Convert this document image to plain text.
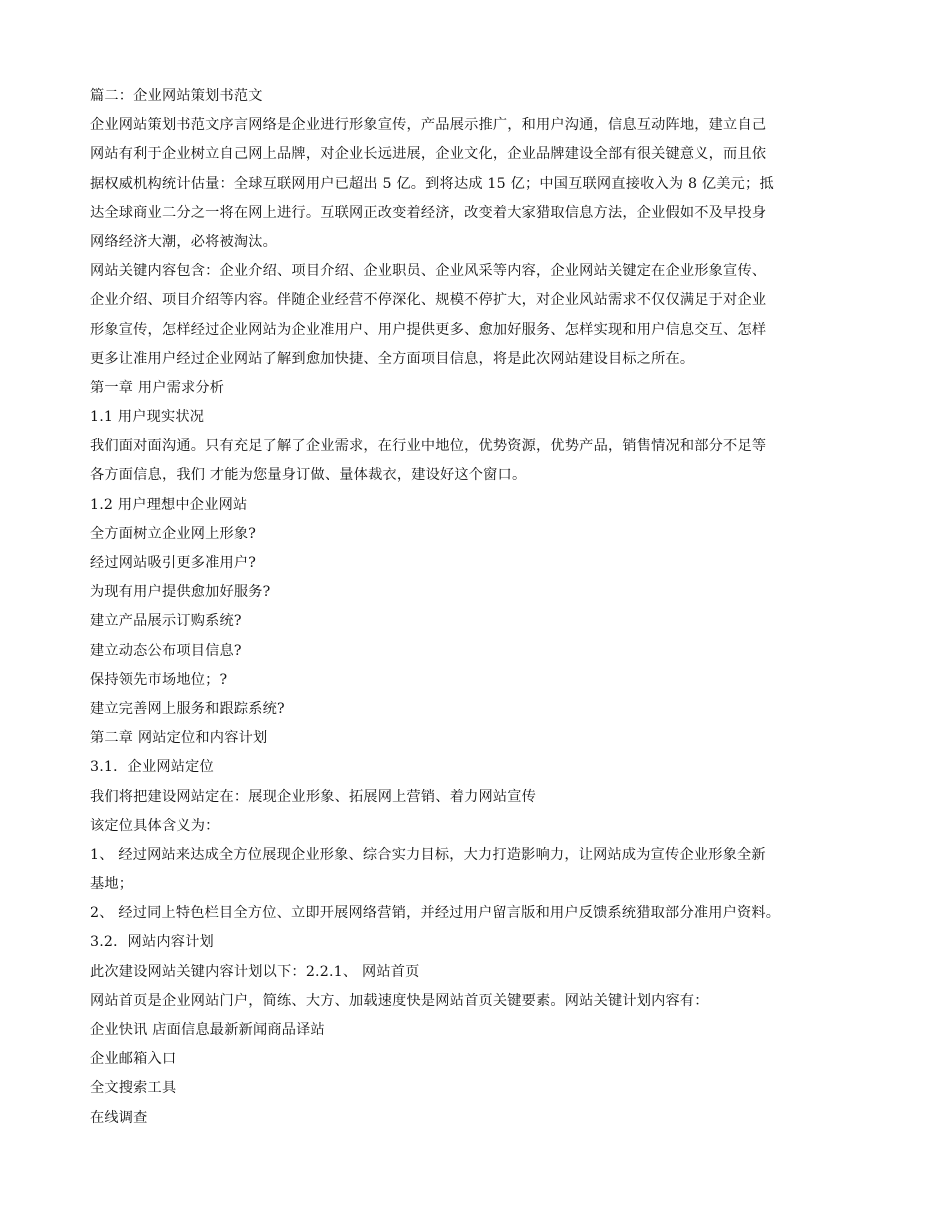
篇二：企业网站策划书范文
企业网站策划书范文序言网络是企业进行形象宣传，产品展示推广，和用户沟通，信息互动阵地，建立自己
网站有利于企业树立自己网上品牌，对企业长远进展，企业文化，企业品牌建设全部有很关键意义，而且依
据权威机构统计估量：全球互联网用户已超出 5 亿。到将达成 15 亿；中国互联网直接收入为 8 亿美元；抵
达全球商业二分之一将在网上进行。互联网正改变着经济，改变着大家猎取信息方法，企业假如不及早投身
网络经济大潮，必将被淘汰。
网站关键内容包含：企业介绍、项目介绍、企业职员、企业风采等内容，企业网站关键定在企业形象宣传、
企业介绍、项目介绍等内容。伴随企业经营不停深化、规模不停扩大，对企业风站需求不仅仅满足于对企业
形象宣传，怎样经过企业网站为企业准用户、用户提供更多、愈加好服务、怎样实现和用户信息交互、怎样
更多让准用户经过企业网站了解到愈加快捷、全方面项目信息，将是此次网站建设目标之所在。
第一章 用户需求分析
1.1 用户现实状况
我们面对面沟通。只有充足了解了企业需求，在行业中地位，优势资源，优势产品，销售情况和部分不足等
各方面信息，我们 才能为您量身订做、量体裁衣，建设好这个窗口。
1.2 用户理想中企业网站
全方面树立企业网上形象?
经过网站吸引更多准用户?
为现有用户提供愈加好服务?
建立产品展示订购系统?
建立动态公布项目信息?
保持领先市场地位；?
建立完善网上服务和跟踪系统?
第二章 网站定位和内容计划
3.1．企业网站定位
我们将把建设网站定在：展现企业形象、拓展网上营销、着力网站宣传
该定位具体含义为：
1、 经过网站来达成全方位展现企业形象、综合实力目标，大力打造影响力，让网站成为宣传企业形象全新
基地；
2、 经过同上特色栏目全方位、立即开展网络营销，并经过用户留言版和用户反馈系统猎取部分准用户资料。
3.2．网站内容计划
此次建设网站关键内容计划以下：2.2.1、 网站首页
网站首页是企业网站门户，简练、大方、加载速度快是网站首页关键要素。网站关键计划内容有：
企业快讯 店面信息最新新闻商品译站
企业邮箱入口
全文搜索工具
在线调查
